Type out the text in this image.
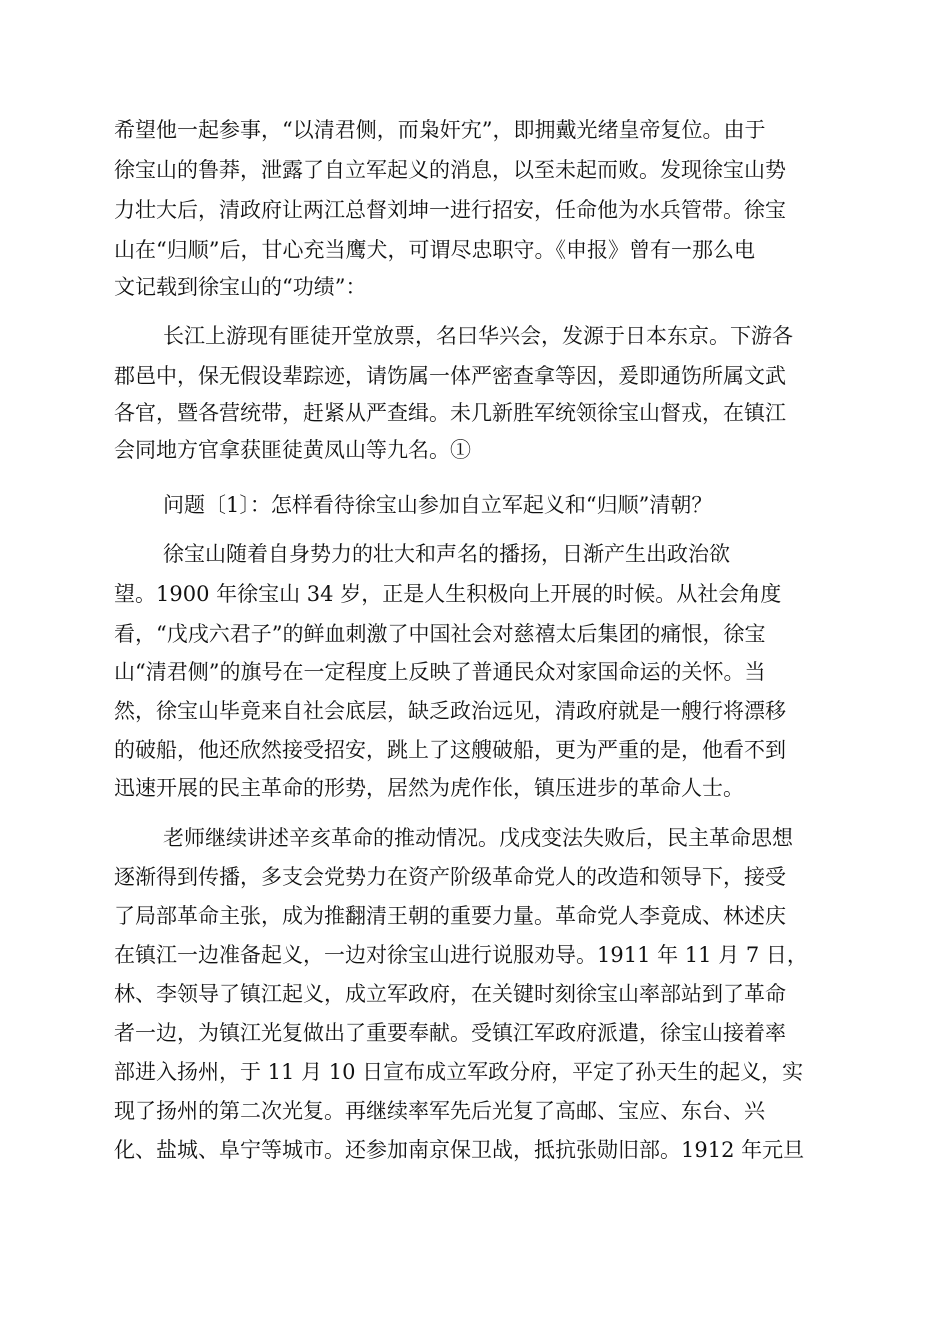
希望他一起参事，“以清君侧，而枭奸宄”，即拥戴光绪皇帝复位。由于
徐宝山的鲁莽，泄露了自立军起义的消息，以至未起而败。发现徐宝山势
力壮大后，清政府让两江总督刘坤一进行招安，任命他为水兵管带。徐宝
山在“归顺”后，甘心充当鹰犬，可谓尽忠职守。《申报》曾有一那么电
文记载到徐宝山的“功绩”：
长江上游现有匪徒开堂放票，名曰华兴会，发源于日本东京。下游各
郡邑中，保无假设辈踪迹，请饬属一体严密查拿等因，爰即通饬所属文武
各官，暨各营统带，赶紧从严查缉。未几新胜军统领徐宝山督戎，在镇江
会同地方官拿获匪徒黄凤山等九名。①
问题〔1〕：怎样看待徐宝山参加自立军起义和“归顺”清朝？
徐宝山随着自身势力的壮大和声名的播扬，日渐产生出政治欲
望。1900 年徐宝山 34 岁，正是人生积极向上开展的时候。从社会角度
看，“戊戌六君子”的鲜血刺激了中国社会对慈禧太后集团的痛恨，徐宝
山“清君侧”的旗号在一定程度上反映了普通民众对家国命运的关怀。当
然，徐宝山毕竟来自社会底层，缺乏政治远见，清政府就是一艘行将漂移
的破船，他还欣然接受招安，跳上了这艘破船，更为严重的是，他看不到
迅速开展的民主革命的形势，居然为虎作伥，镇压进步的革命人士。
老师继续讲述辛亥革命的推动情况。戊戌变法失败后，民主革命思想
逐渐得到传播，多支会党势力在资产阶级革命党人的改造和领导下，接受
了局部革命主张，成为推翻清王朝的重要力量。革命党人李竟成、林述庆
在镇江一边准备起义，一边对徐宝山进行说服劝导。1911 年 11 月 7 日，
林、李领导了镇江起义，成立军政府，在关键时刻徐宝山率部站到了革命
者一边，为镇江光复做出了重要奉献。受镇江军政府派遣，徐宝山接着率
部进入扬州，于 11 月 10 日宣布成立军政分府，平定了孙天生的起义，实
现了扬州的第二次光复。再继续率军先后光复了高邮、宝应、东台、兴
化、盐城、阜宁等城市。还参加南京保卫战，抵抗张勋旧部。1912 年元旦
